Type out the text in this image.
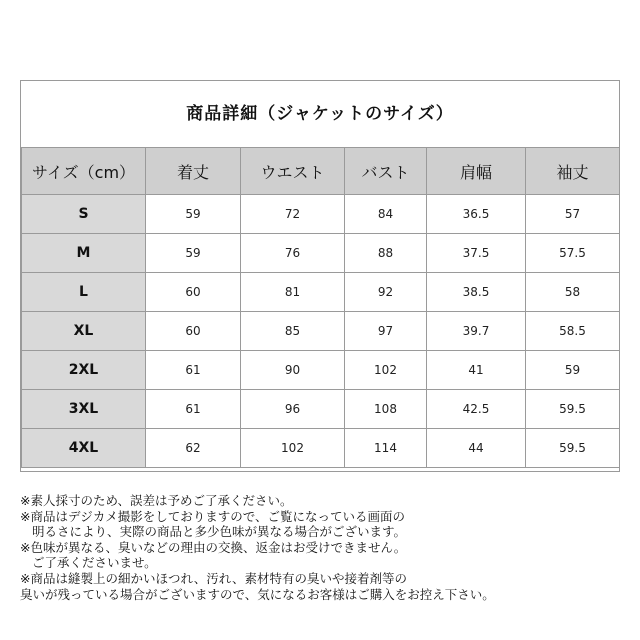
商品詳細（ジャケットのサイズ）
サイズ（cm）	着丈	ウエスト	バスト	肩幅	袖丈
S	59	72	84	36.5	57
M	59	76	88	37.5	57.5
L	60	81	92	38.5	58
XL	60	85	97	39.7	58.5
2XL	61	90	102	41	59
3XL	61	96	108	42.5	59.5
4XL	62	102	114	44	59.5
※素人採寸のため、誤差は予めご了承ください。
※商品はデジカメ撮影をしておりますので、ご覧になっている画面の
明るさにより、実際の商品と多少色味が異なる場合がございます。
※色味が異なる、臭いなどの理由の交換、返金はお受けできません。
ご了承くださいませ。
※商品は縫製上の細かいほつれ、汚れ、素材特有の臭いや接着剤等の
臭いが残っている場合がございますので、気になるお客様はご購入をお控え下さい。
